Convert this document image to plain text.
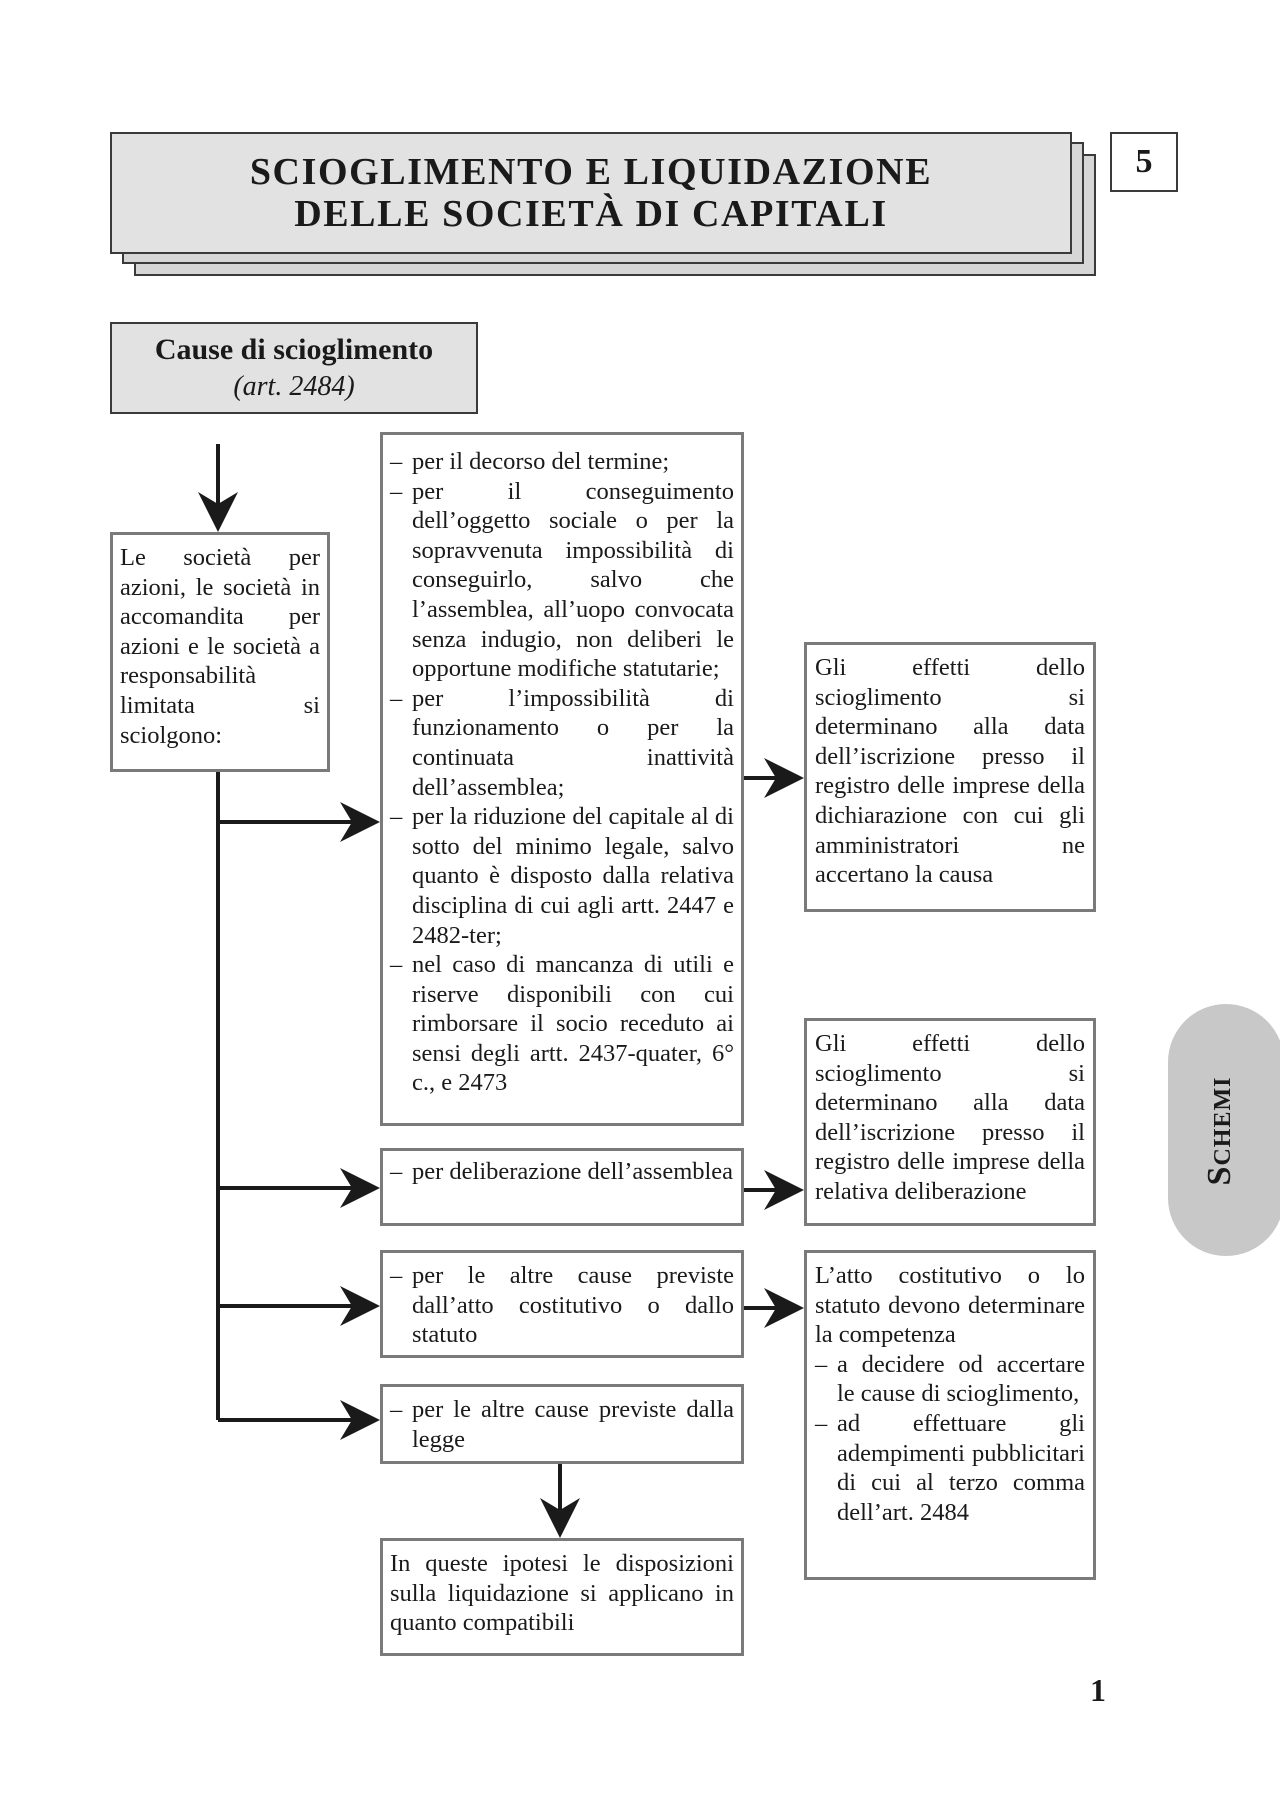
SCIOGLIMENTO E LIQUIDAZIONE
DELLE SOCIETÀ DI CAPITALI
5
Cause di scioglimento
(art. 2484)

Le società per azioni, le società in accomandita per azioni e le società a responsabilità limitata si sciolgono:

– per il decorso del termine;

– per il conseguimento dell’oggetto sociale o per la sopravvenuta impossibilità di conseguirlo, salvo che l’assemblea, all’uopo convocata senza indugio, non deliberi le opportune modifiche statutarie;

– per l’impossibilità di funzionamento o per la continuata inattività dell’assemblea;

– per la riduzione del capitale al di sotto del minimo legale, salvo quanto è disposto dalla relativa disciplina di cui agli artt. 2447 e 2482-ter;

– nel caso di mancanza di utili e riserve disponibili con cui rimborsare il socio receduto ai sensi degli artt. 2437-quater, 6° c., e 2473

Gli effetti dello scioglimento si determinano alla data dell’iscrizione presso il registro delle imprese della dichiarazione con cui gli amministratori ne accertano la causa

– per deliberazione dell’assemblea

Gli effetti dello scioglimento si determinano alla data dell’iscrizione presso il registro delle imprese della relativa deliberazione

– per le altre cause previste dall’atto costitutivo o dallo statuto

L’atto costitutivo o lo statuto devono determinare la competenza

– a decidere od accertare le cause di scioglimento,

– ad effettuare gli adempimenti pubblicitari di cui al terzo comma dell’art. 2484

– per le altre cause previste dalla legge

In queste ipotesi le disposizioni sulla liquidazione si applicano in quanto compatibili

Schemi
1
